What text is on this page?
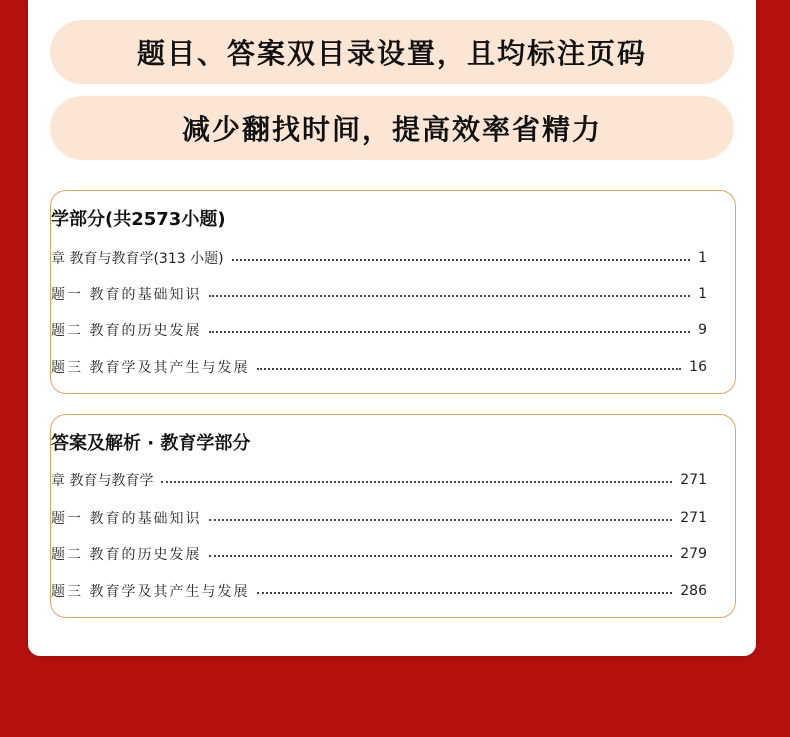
题目、答案双目录设置，且均标注页码
减少翻找时间，提高效率省精力
学部分(共2573小题)
章 教育与教育学(313 小题)	1
题一 教育的基础知识	1
题二 教育的历史发展	9
题三 教育学及其产生与发展	16
答案及解析 · 教育学部分
章 教育与教育学	271
题一 教育的基础知识	271
题二 教育的历史发展	279
题三 教育学及其产生与发展	286
